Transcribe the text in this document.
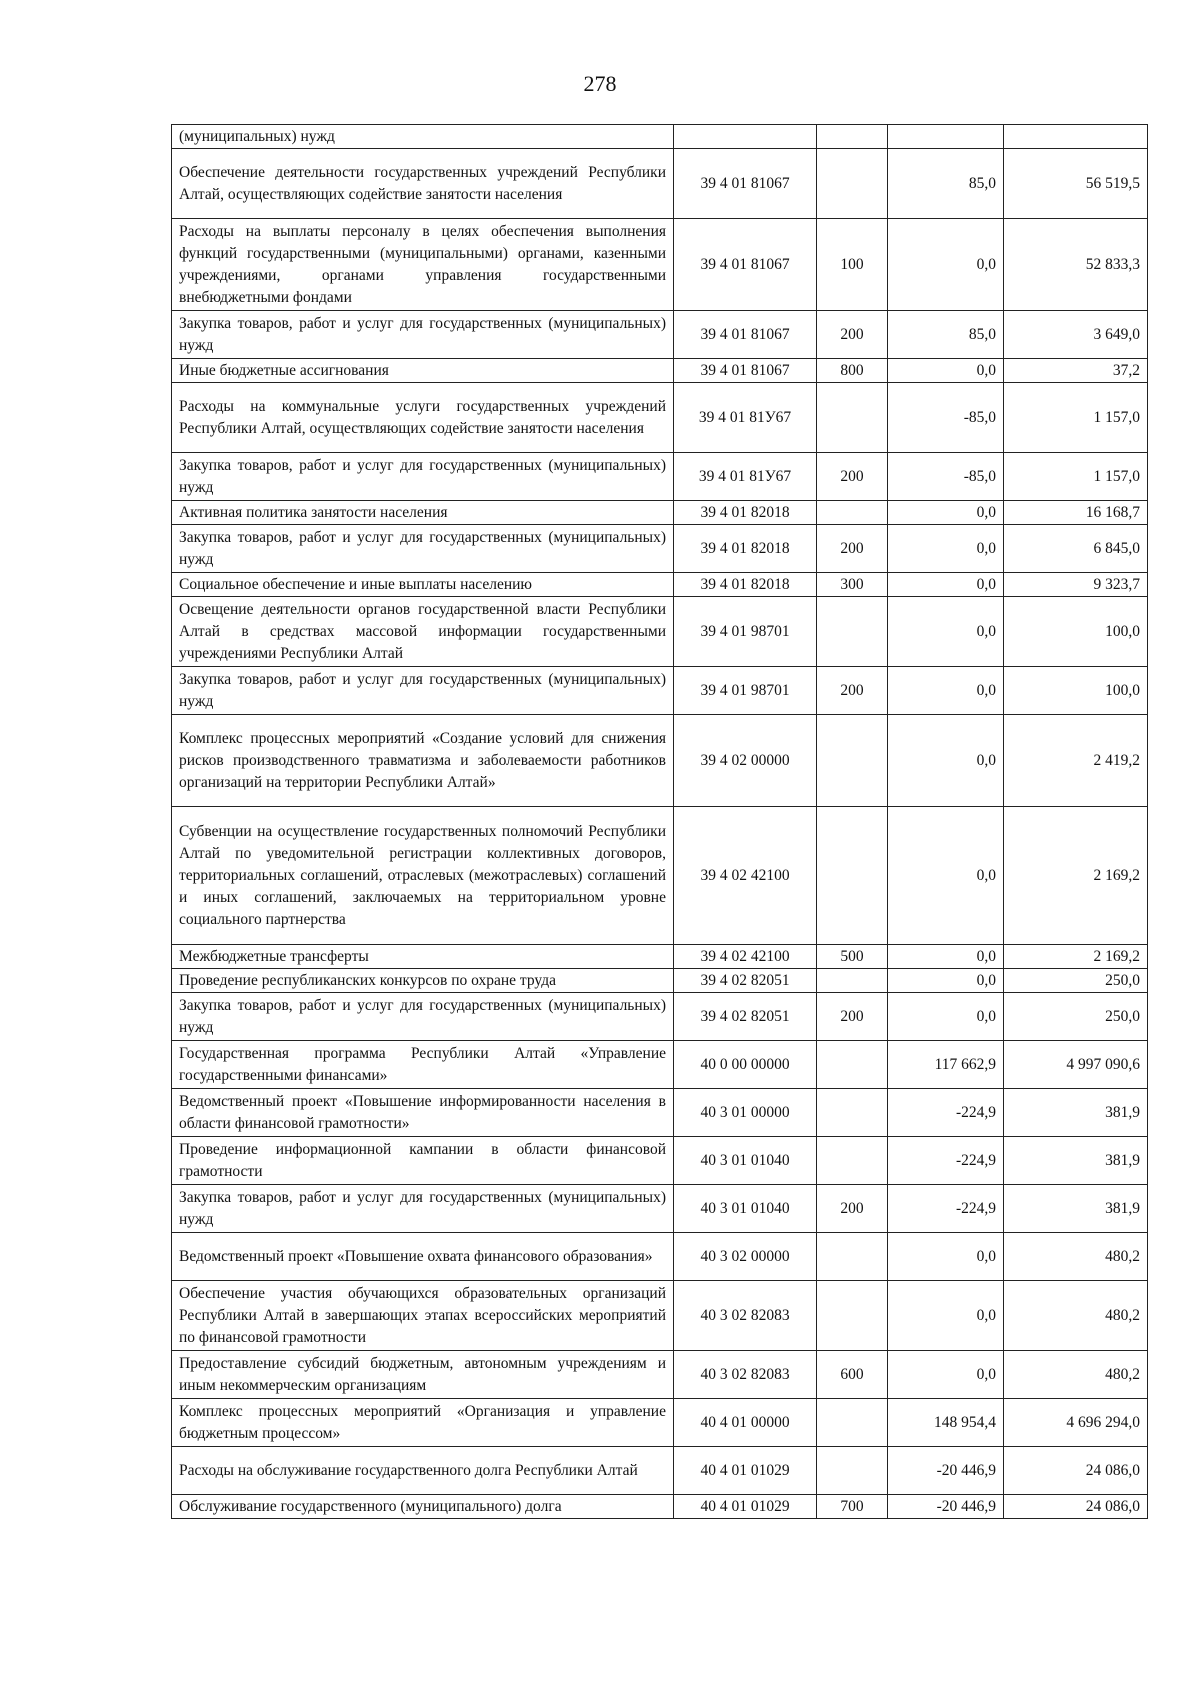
278
(муниципальных) нужд				
Обеспечение деятельности государственных учреждений Республики Алтай, осуществляющих содействие занятости населения	39 4 01 81067		85,0	56 519,5
Расходы на выплаты персоналу в целях обеспечения выполнения функций государственными (муниципальными) органами, казенными учреждениями, органами управления государственными внебюджетными фондами	39 4 01 81067	100	0,0	52 833,3
Закупка товаров, работ и услуг для государственных (муниципальных) нужд	39 4 01 81067	200	85,0	3 649,0
Иные бюджетные ассигнования	39 4 01 81067	800	0,0	37,2
Расходы на коммунальные услуги государственных учреждений Республики Алтай, осуществляющих содействие занятости населения	39 4 01 81У67		-85,0	1 157,0
Закупка товаров, работ и услуг для государственных (муниципальных) нужд	39 4 01 81У67	200	-85,0	1 157,0
Активная политика занятости населения	39 4 01 82018		0,0	16 168,7
Закупка товаров, работ и услуг для государственных (муниципальных) нужд	39 4 01 82018	200	0,0	6 845,0
Социальное обеспечение и иные выплаты населению	39 4 01 82018	300	0,0	9 323,7
Освещение деятельности органов государственной власти Республики Алтай в средствах массовой информации государственными учреждениями Республики Алтай	39 4 01 98701		0,0	100,0
Закупка товаров, работ и услуг для государственных (муниципальных) нужд	39 4 01 98701	200	0,0	100,0
Комплекс процессных мероприятий «Создание условий для снижения рисков производственного травматизма и заболеваемости работников организаций на территории Республики Алтай»	39 4 02 00000		0,0	2 419,2
Субвенции на осуществление государственных полномочий Республики Алтай по уведомительной регистрации коллективных договоров, территориальных соглашений, отраслевых (межотраслевых) соглашений и иных соглашений, заключаемых на территориальном уровне социального партнерства	39 4 02 42100		0,0	2 169,2
Межбюджетные трансферты	39 4 02 42100	500	0,0	2 169,2
Проведение республиканских конкурсов по охране труда	39 4 02 82051		0,0	250,0
Закупка товаров, работ и услуг для государственных (муниципальных) нужд	39 4 02 82051	200	0,0	250,0
Государственная программа Республики Алтай «Управление государственными финансами»	40 0 00 00000		117 662,9	4 997 090,6
Ведомственный проект «Повышение информированности населения в области финансовой грамотности»	40 3 01 00000		-224,9	381,9
Проведение информационной кампании в области финансовой грамотности	40 3 01 01040		-224,9	381,9
Закупка товаров, работ и услуг для государственных (муниципальных) нужд	40 3 01 01040	200	-224,9	381,9
Ведомственный проект «Повышение охвата финансового образования»	40 3 02 00000		0,0	480,2
Обеспечение участия обучающихся образовательных организаций Республики Алтай в завершающих этапах всероссийских мероприятий по финансовой грамотности	40 3 02 82083		0,0	480,2
Предоставление субсидий бюджетным, автономным учреждениям и иным некоммерческим организациям	40 3 02 82083	600	0,0	480,2
Комплекс процессных мероприятий «Организация и управление бюджетным процессом»	40 4 01 00000		148 954,4	4 696 294,0
Расходы на обслуживание государственного долга Республики Алтай	40 4 01 01029		-20 446,9	24 086,0
Обслуживание государственного (муниципального) долга	40 4 01 01029	700	-20 446,9	24 086,0
